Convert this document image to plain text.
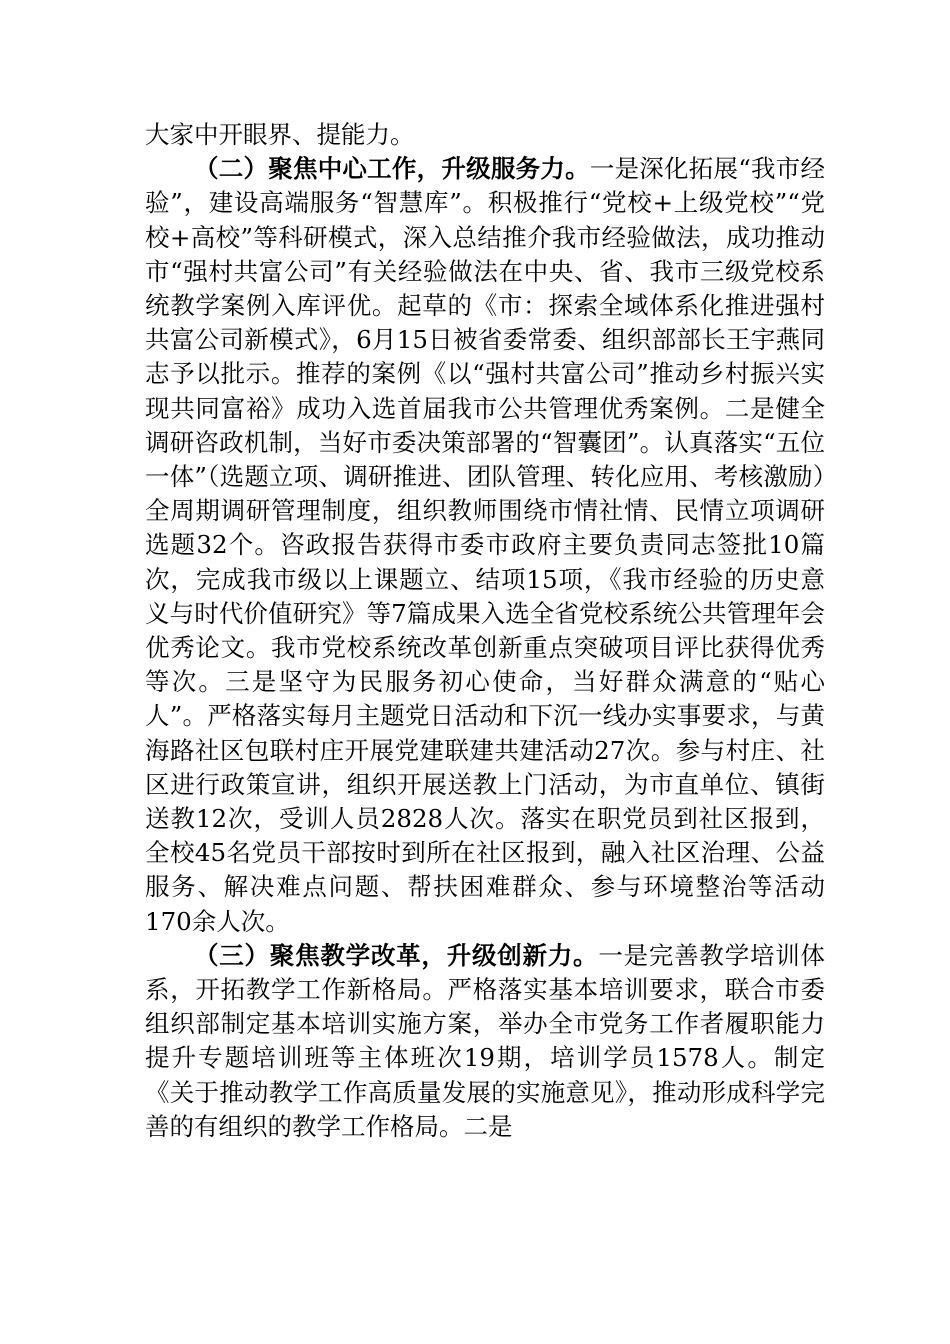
大家中开眼界、提能力。

（二）聚焦中心工作，升级服务力。一是深化拓展“我市经验”，建设高端服务“智慧库”。积极推行“党校+上级党校”“党校+高校”等科研模式，深入总结推介我市经验做法，成功推动市“强村共富公司”有关经验做法在中央、省、我市三级党校系统教学案例入库评优。起草的《市：探索全域体系化推进强村共富公司新模式》，6月15日被省委常委、组织部部长王宇燕同志予以批示。推荐的案例《以“强村共富公司”推动乡村振兴实现共同富裕》成功入选首届我市公共管理优秀案例。二是健全调研咨政机制，当好市委决策部署的“智囊团”。认真落实“五位一体”（选题立项、调研推进、团队管理、转化应用、考核激励）全周期调研管理制度，组织教师围绕市情社情、民情立项调研选题32个。咨政报告获得市委市政府主要负责同志签批10篇次，完成我市级以上课题立、结项15项，《我市经验的历史意义与时代价值研究》等7篇成果入选全省党校系统公共管理年会优秀论文。我市党校系统改革创新重点突破项目评比获得优秀等次。三是坚守为民服务初心使命，当好群众满意的“贴心人”。严格落实每月主题党日活动和下沉一线办实事要求，与黄海路社区包联村庄开展党建联建共建活动27次。参与村庄、社区进行政策宣讲，组织开展送教上门活动，为市直单位、镇街送教12次，受训人员2828人次。落实在职党员到社区报到，全校45名党员干部按时到所在社区报到，融入社区治理、公益服务、解决难点问题、帮扶困难群众、参与环境整治等活动170余人次。

（三）聚焦教学改革，升级创新力。一是完善教学培训体系，开拓教学工作新格局。严格落实基本培训要求，联合市委组织部制定基本培训实施方案，举办全市党务工作者履职能力提升专题培训班等主体班次19期，培训学员1578人。制定《关于推动教学工作高质量发展的实施意见》，推动形成科学完善的有组织的教学工作格局。二是
